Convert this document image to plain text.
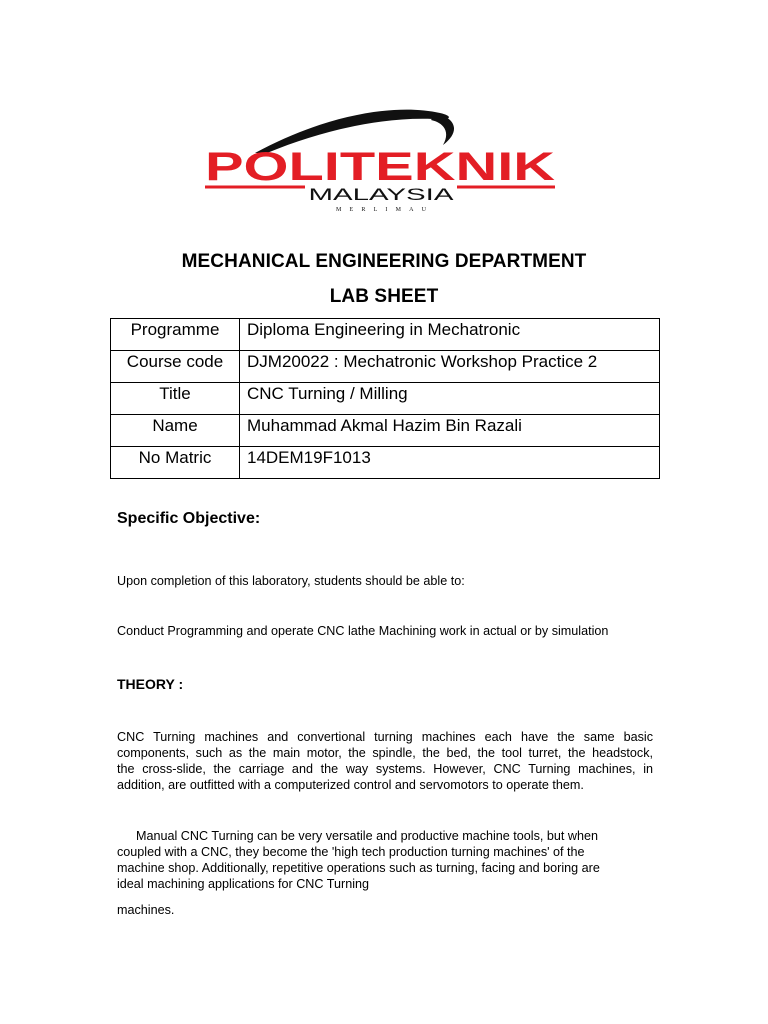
POLITEKNIK
MALAYSIA
MERLIMAU
MECHANICAL ENGINEERING DEPARTMENT
LAB SHEET
Programme	Diploma Engineering in Mechatronic
Course code	DJM20022 : Mechatronic Workshop Practice 2
Title	CNC Turning / Milling
Name	Muhammad Akmal Hazim Bin Razali
No Matric	14DEM19F1013
Specific Objective:
Upon completion of this laboratory, students should be able to:
Conduct Programming and operate CNC lathe Machining work in actual or by simulation
THEORY :
CNC Turning machines and convertional turning machines each have the same basic
components, such as the main motor, the spindle, the bed, the tool turret, the headstock,
the cross-slide, the carriage and the way systems. However, CNC Turning machines, in
addition, are outfitted with a computerized control and servomotors to operate them.
Manual CNC Turning can be very versatile and productive machine tools, but when
coupled with a CNC, they become the 'high tech production turning machines' of the
machine shop. Additionally, repetitive operations such as turning, facing and boring are
ideal machining applications for CNC Turning
machines.
